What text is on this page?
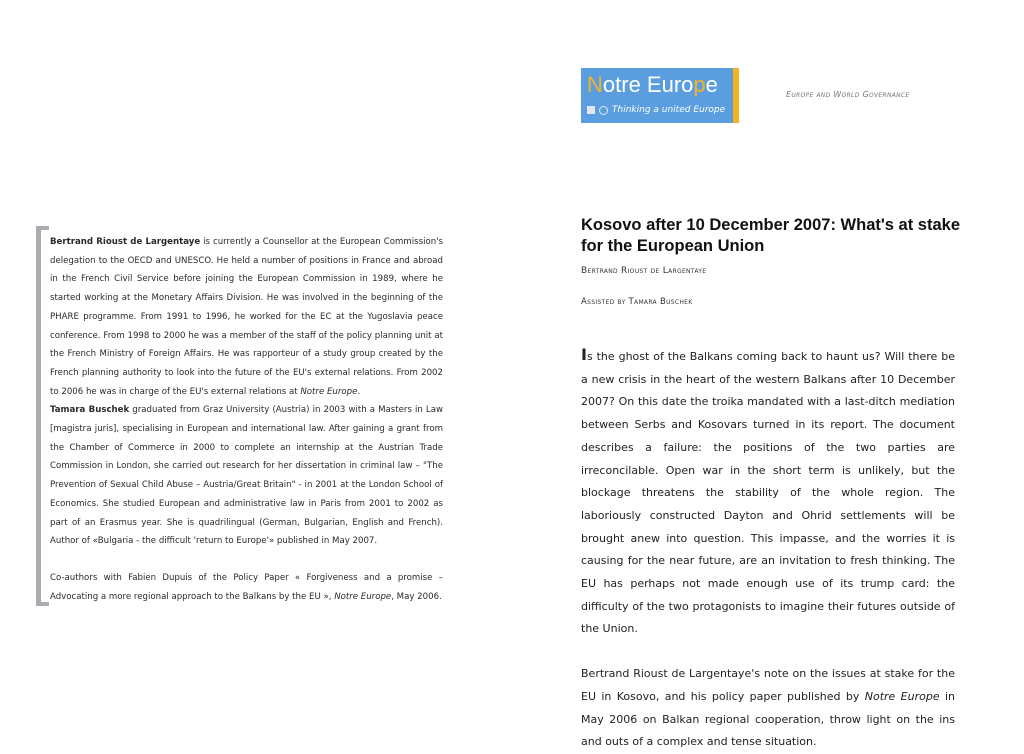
Bertrand Rioust de Largentaye is currently a Counsellor at the European Commission's delegation to the OECD and UNESCO. He held a number of positions in France and abroad in the French Civil Service before joining the European Commission in 1989, where he started working at the Monetary Affairs Division. He was involved in the beginning of the PHARE programme. From 1991 to 1996, he worked for the EC at the Yugoslavia peace conference. From 1998 to 2000 he was a member of the staff of the policy planning unit at the French Ministry of Foreign Affairs. He was rapporteur of a study group created by the French planning authority to look into the future of the EU's external relations. From 2002 to 2006 he was in charge of the EU's external relations at Notre Europe.

Tamara Buschek graduated from Graz University (Austria) in 2003 with a Masters in Law [magistra juris], specialising in European and international law. After gaining a grant from the Chamber of Commerce in 2000 to complete an internship at the Austrian Trade Commission in London, she carried out research for her dissertation in criminal law – "The Prevention of Sexual Child Abuse – Austria/Great Britain" - in 2001 at the London School of Economics. She studied European and administrative law in Paris from 2001 to 2002 as part of an Erasmus year. She is quadrilingual (German, Bulgarian, English and French). Author of «Bulgaria - the difficult 'return to Europe'» published in May 2007.

Co-authors with Fabien Dupuis of the Policy Paper « Forgiveness and a promise – Advocating a more regional approach to the Balkans by the EU », Notre Europe, May 2006.

Notre Europe
Thinking a united Europe
Europe and World Governance
Kosovo after 10 December 2007: What's at stake for the European Union
Bertrand Rioust de Largentaye
Assisted by Tamara Buschek

Is the ghost of the Balkans coming back to haunt us? Will there be a new crisis in the heart of the western Balkans after 10 December 2007? On this date the troika mandated with a last-ditch mediation between Serbs and Kosovars turned in its report. The document describes a failure: the positions of the two parties are irreconcilable. Open war in the short term is unlikely, but the blockage threatens the stability of the whole region. The laboriously constructed Dayton and Ohrid settlements will be brought anew into question. This impasse, and the worries it is causing for the near future, are an invitation to fresh thinking. The EU has perhaps not made enough use of its trump card: the difficulty of the two protagonists to imagine their futures outside of the Union.

Bertrand Rioust de Largentaye's note on the issues at stake for the EU in Kosovo, and his policy paper published by Notre Europe in May 2006 on Balkan regional cooperation, throw light on the ins and outs of a complex and tense situation.
